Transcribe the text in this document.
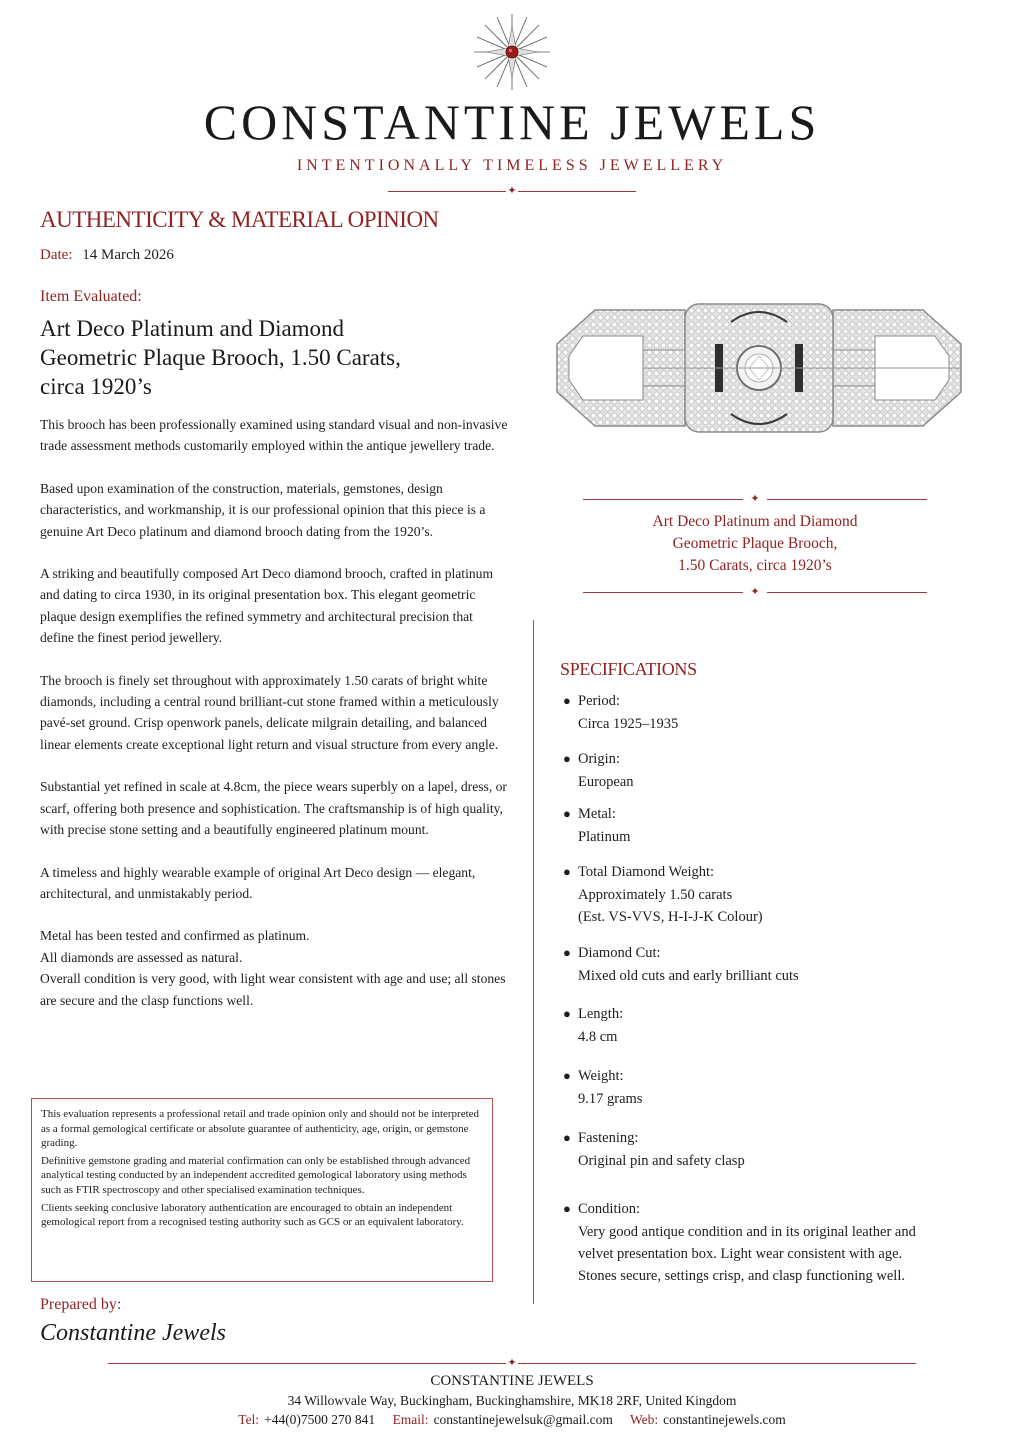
CONSTANTINE JEWELS
INTENTIONALLY TIMELESS JEWELLERY
✦
AUTHENTICITY & MATERIAL OPINION
Date: 14 March 2026
Item Evaluated:
Art Deco Platinum and Diamond
Geometric Plaque Brooch, 1.50 Carats,
circa 1920’s

This brooch has been professionally examined using standard visual and non-invasive trade assessment methods customarily employed within the antique jewellery trade.

Based upon examination of the construction, materials, gemstones, design characteristics, and workmanship, it is our professional opinion that this piece is a genuine Art Deco platinum and diamond brooch dating from the 1920’s.

A striking and beautifully composed Art Deco diamond brooch, crafted in platinum and dating to circa 1930, in its original presentation box. This elegant geometric plaque design exemplifies the refined symmetry and architectural precision that define the finest period jewellery.

The brooch is finely set throughout with approximately 1.50 carats of bright white diamonds, including a central round brilliant-cut stone framed within a meticulously pavé-set ground. Crisp openwork panels, delicate milgrain detailing, and balanced linear elements create exceptional light return and visual structure from every angle.

Substantial yet refined in scale at 4.8cm, the piece wears superbly on a lapel, dress, or scarf, offering both presence and sophistication. The craftsmanship is of high quality, with precise stone setting and a beautifully engineered platinum mount.

A timeless and highly wearable example of original Art Deco design — elegant, architectural, and unmistakably period.

Metal has been tested and confirmed as platinum.
All diamonds are assessed as natural.
Overall condition is very good, with light wear consistent with age and use; all stones are secure and the clasp functions well.

This evaluation represents a professional retail and trade opinion only and should not be interpreted as a formal gemological certificate or absolute guarantee of authenticity, age, origin, or gemstone grading.

Definitive gemstone grading and material confirmation can only be established through advanced analytical testing conducted by an independent accredited gemological laboratory using methods such as FTIR spectroscopy and other specialised examination techniques.

Clients seeking conclusive laboratory authentication are encouraged to obtain an independent gemological report from a recognised testing authority such as GCS or an equivalent laboratory.

Prepared by:
Constantine Jewels
✦
Art Deco Platinum and Diamond
Geometric Plaque Brooch,
1.50 Carats, circa 1920’s
✦
SPECIFICATIONS
● Period:
Circa 1925–1935
● Origin:
European
● Metal:
Platinum
● Total Diamond Weight:
Approximately 1.50 carats
(Est. VS-VVS, H-I-J-K Colour)
● Diamond Cut:
Mixed old cuts and early brilliant cuts
● Length:
4.8 cm
● Weight:
9.17 grams
● Fastening:
Original pin and safety clasp
● Condition:
Very good antique condition and in its original leather and
velvet presentation box. Light wear consistent with age.
Stones secure, settings crisp, and clasp functioning well.
✦
CONSTANTINE JEWELS
34 Willowvale Way, Buckingham, Buckinghamshire, MK18 2RF, United Kingdom
Tel: +44(0)7500 270 841 Email: constantinejewelsuk@gmail.com Web: constantinejewels.com
